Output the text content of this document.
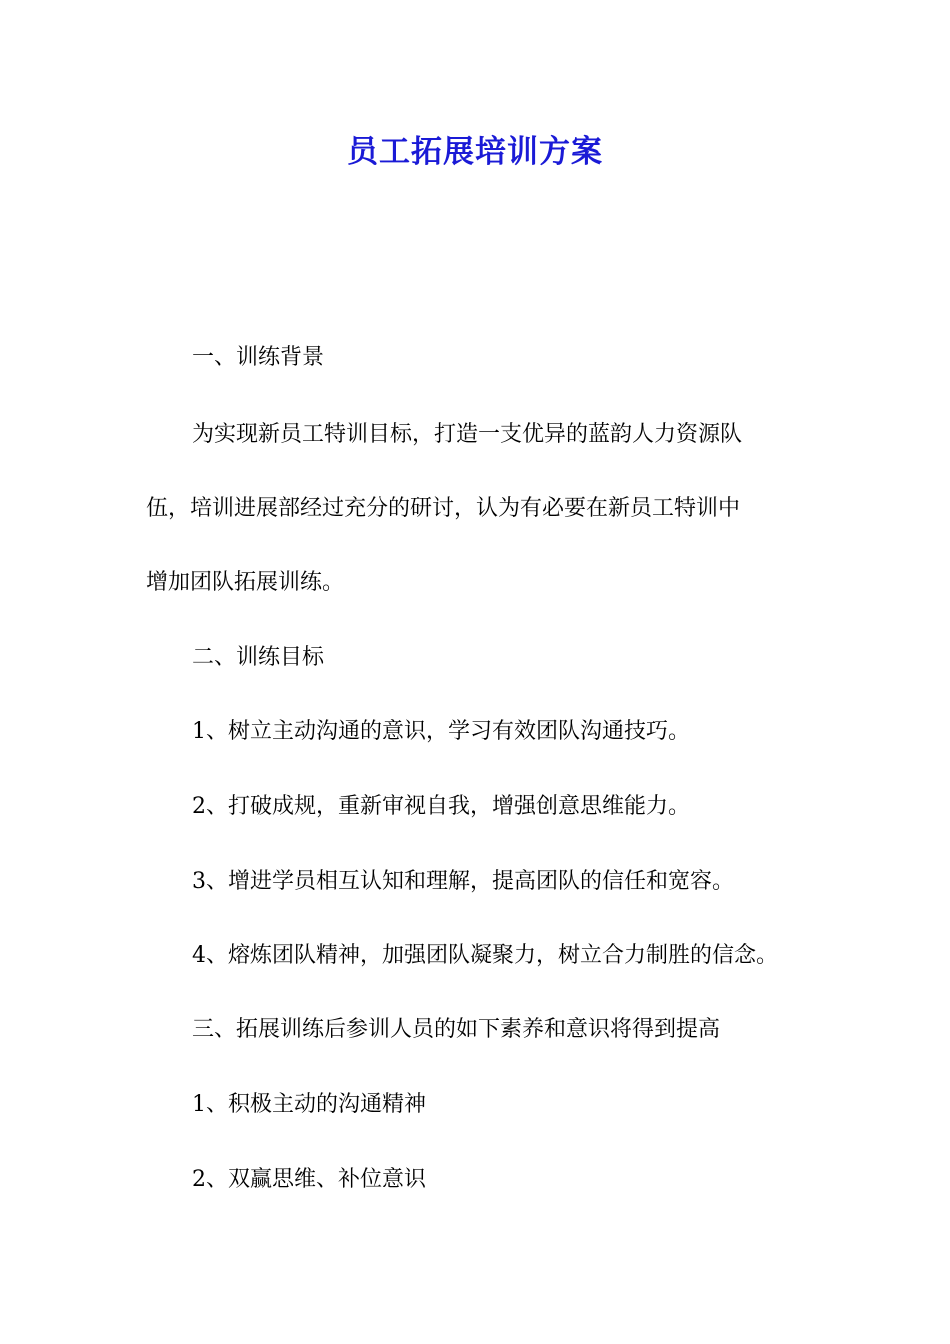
员工拓展培训方案
一、训练背景
为实现新员工特训目标，打造一支优异的蓝韵人力资源队
伍，培训进展部经过充分的研讨，认为有必要在新员工特训中
增加团队拓展训练。
二、训练目标
1、树立主动沟通的意识，学习有效团队沟通技巧。
2、打破成规，重新审视自我，增强创意思维能力。
3、增进学员相互认知和理解，提高团队的信任和宽容。
4、熔炼团队精神，加强团队凝聚力，树立合力制胜的信念。
三、拓展训练后参训人员的如下素养和意识将得到提高
1、积极主动的沟通精神
2、双赢思维、补位意识
